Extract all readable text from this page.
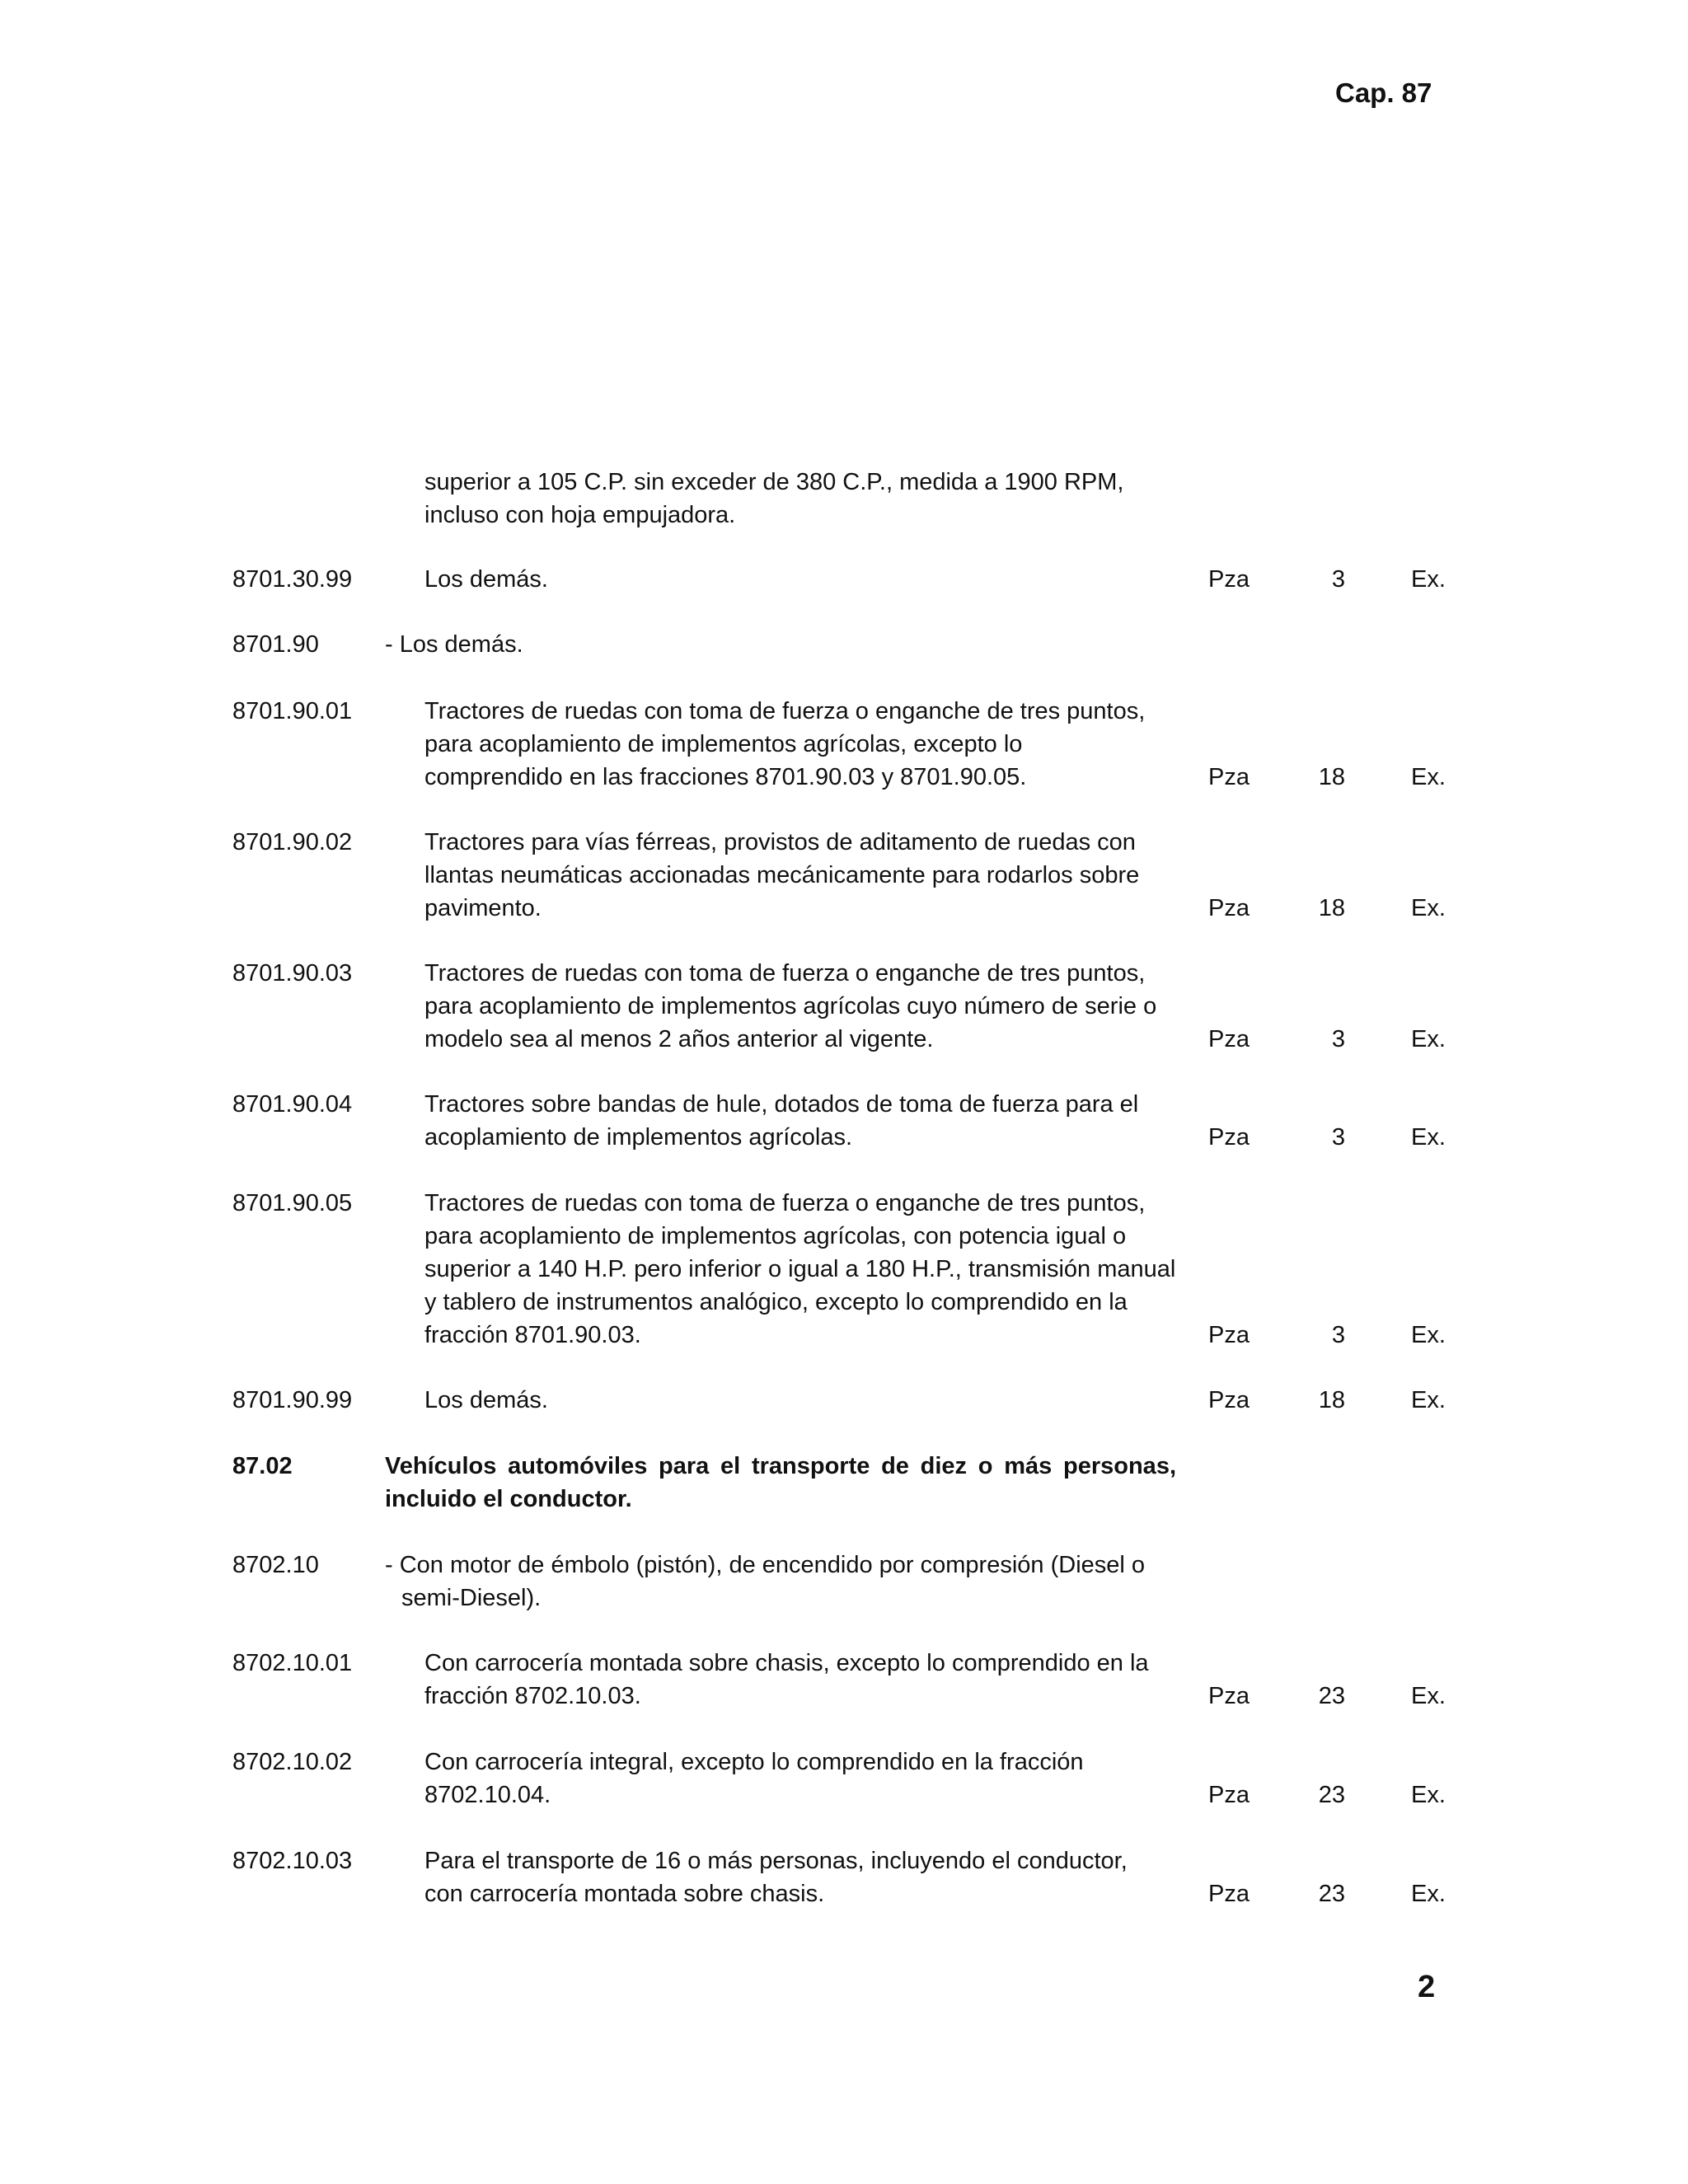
Cap. 87
superior a 105 C.P. sin exceder de 380 C.P., medida a 1900 RPM, incluso con hoja empujadora.
8701.30.99	Los demás.	Pza	3	Ex.
8701.90	- Los demás.
8701.90.01	Tractores de ruedas con toma de fuerza o enganche de tres puntos, para acoplamiento de implementos agrícolas, excepto lo comprendido en las fracciones 8701.90.03 y 8701.90.05.	Pza	18	Ex.
8701.90.02	Tractores para vías férreas, provistos de aditamento de ruedas con llantas neumáticas accionadas mecánicamente para rodarlos sobre pavimento.	Pza	18	Ex.
8701.90.03	Tractores de ruedas con toma de fuerza o enganche de tres puntos, para acoplamiento de implementos agrícolas cuyo número de serie o modelo sea al menos 2 años anterior al vigente.	Pza	3	Ex.
8701.90.04	Tractores sobre bandas de hule, dotados de toma de fuerza para el acoplamiento de implementos agrícolas.	Pza	3	Ex.
8701.90.05	Tractores de ruedas con toma de fuerza o enganche de tres puntos, para acoplamiento de implementos agrícolas, con potencia igual o superior a 140 H.P. pero inferior o igual a 180 H.P., transmisión manual y tablero de instrumentos analógico, excepto lo comprendido en la fracción 8701.90.03.	Pza	3	Ex.
8701.90.99	Los demás.	Pza	18	Ex.
87.02	Vehículos automóviles para el transporte de diez o más personas, incluido el conductor.
8702.10	- Con motor de émbolo (pistón), de encendido por compresión (Diesel o semi-Diesel).
8702.10.01	Con carrocería montada sobre chasis, excepto lo comprendido en la fracción 8702.10.03.	Pza	23	Ex.
8702.10.02	Con carrocería integral, excepto lo comprendido en la fracción 8702.10.04.	Pza	23	Ex.
8702.10.03	Para el transporte de 16 o más personas, incluyendo el conductor, con carrocería montada sobre chasis.	Pza	23	Ex.
2
